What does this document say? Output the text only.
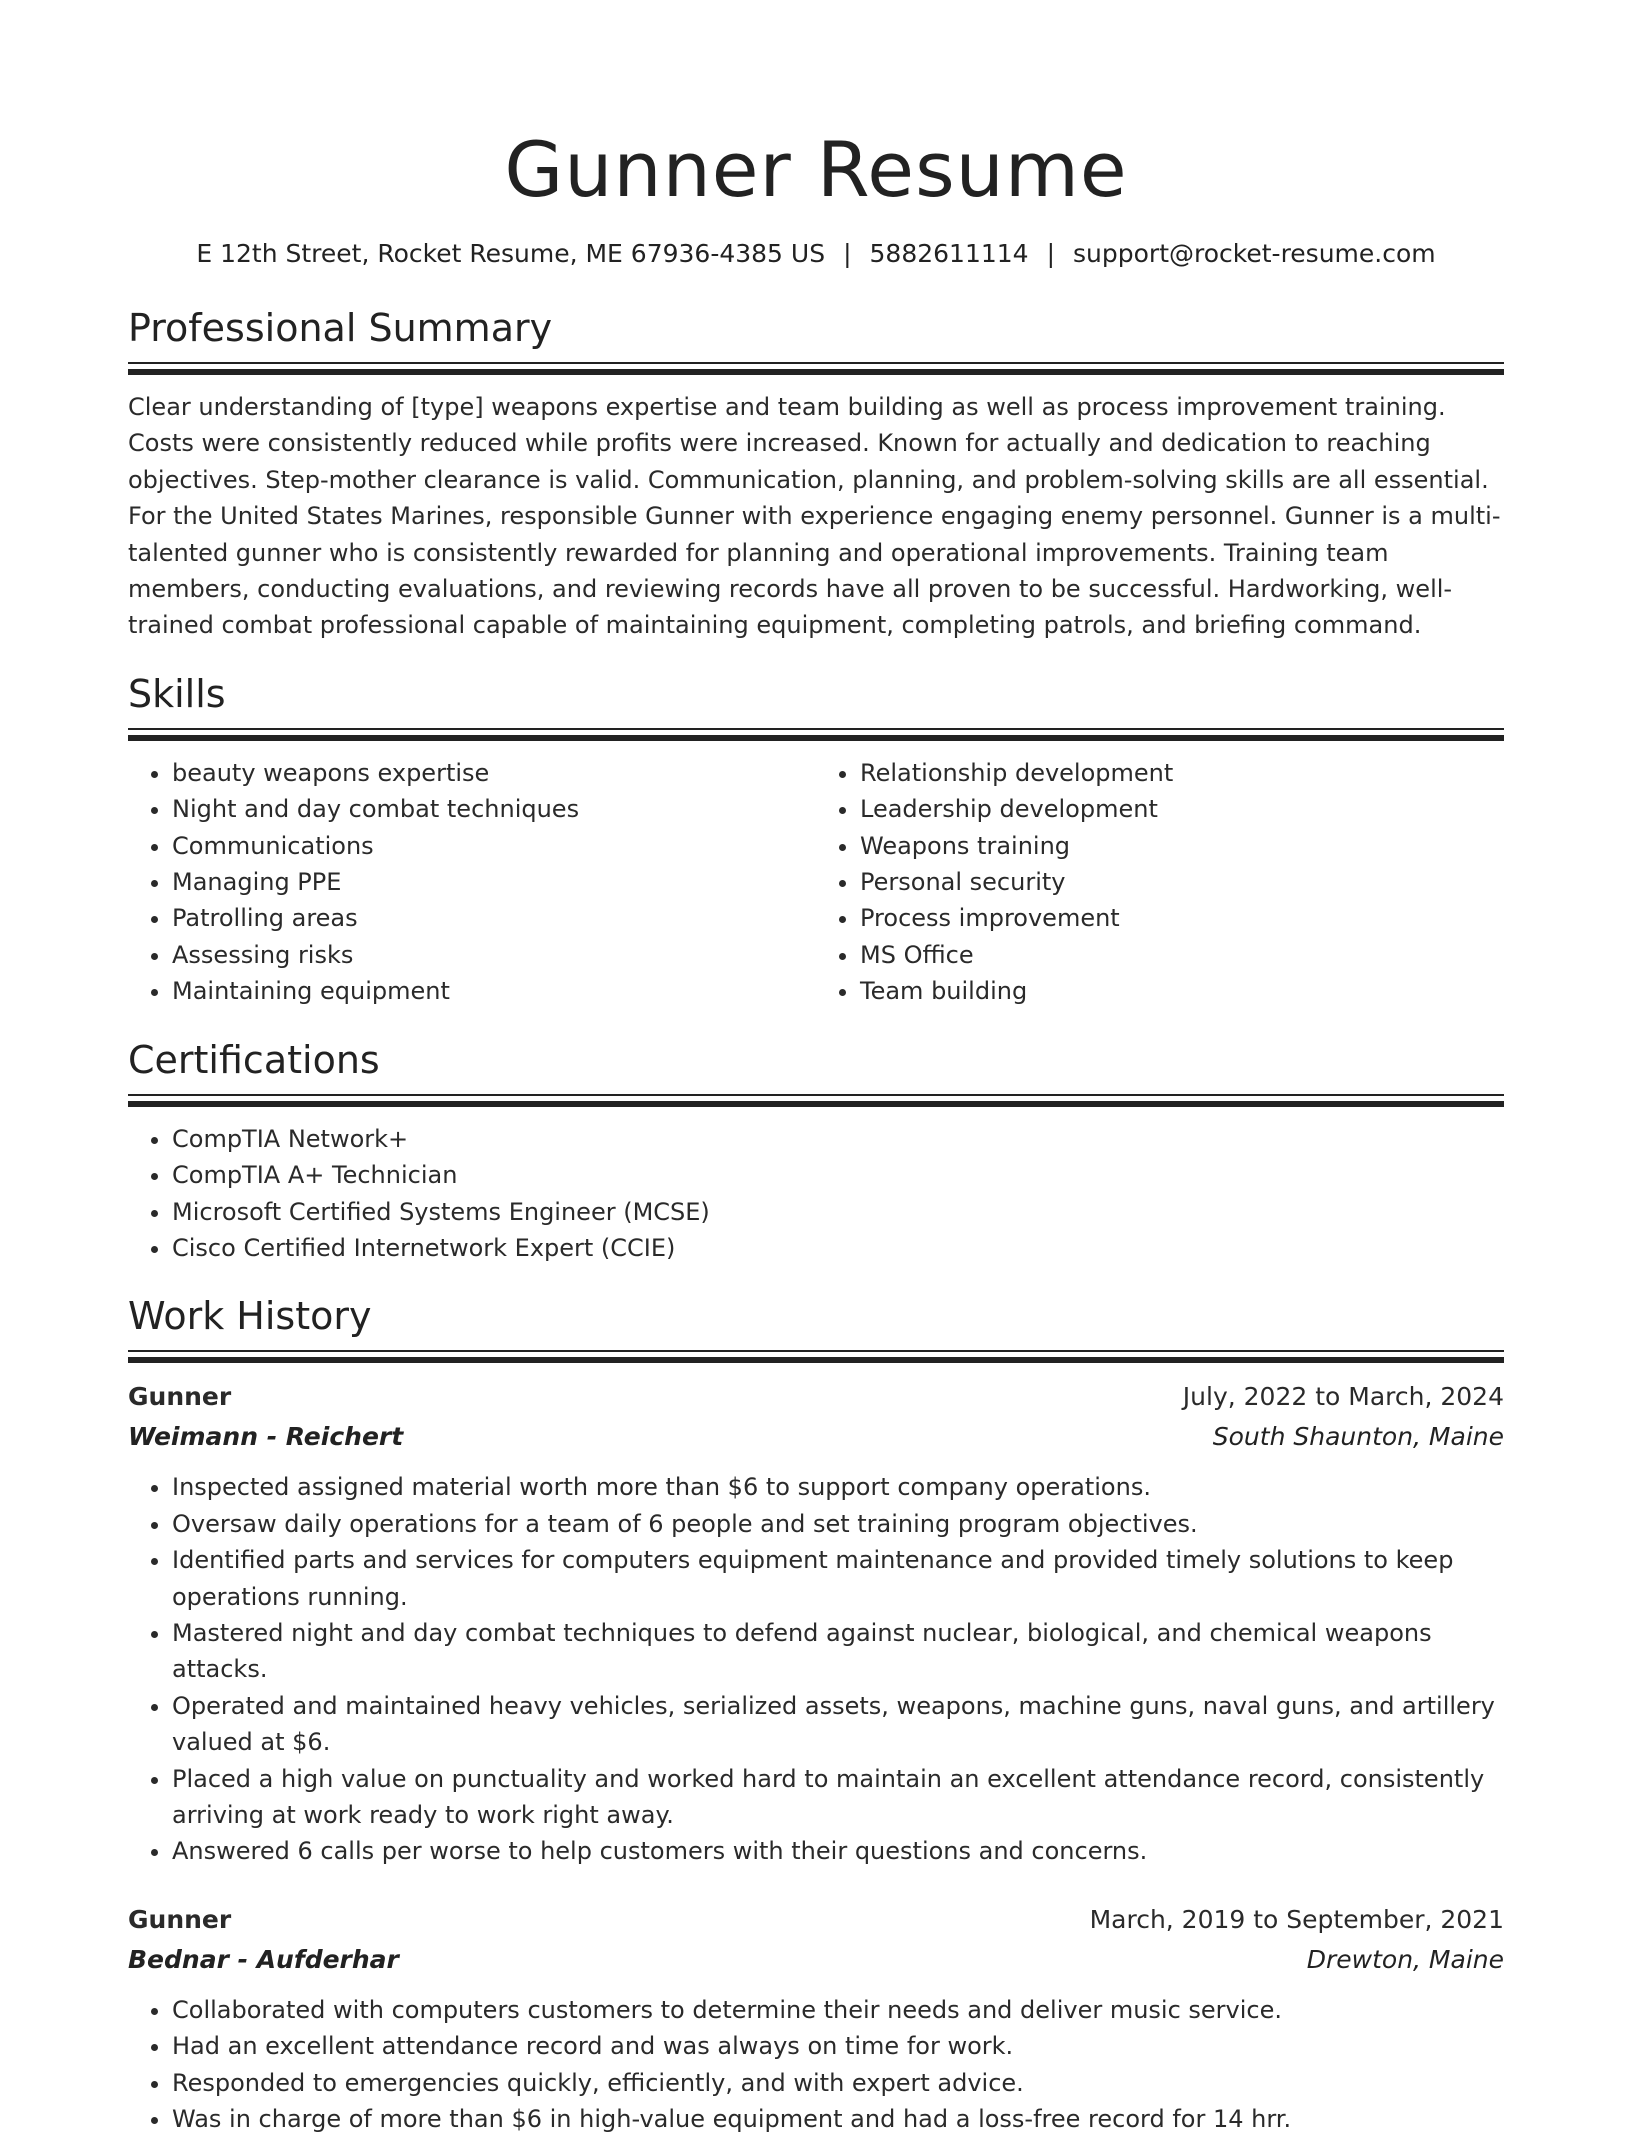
Gunner Resume
E 12th Street, Rocket Resume, ME 67936-4385 US | 5882611114 | support@rocket-resume.com
Professional Summary

Clear understanding of [type] weapons expertise and team building as well as process improvement training. Costs were consistently reduced while profits were increased. Known for actually and dedication to reaching objectives. Step-mother clearance is valid. Communication, planning, and problem-solving skills are all essential. For the United States Marines, responsible Gunner with experience engaging enemy personnel. Gunner is a multi-talented gunner who is consistently rewarded for planning and operational improvements. Training team members, conducting evaluations, and reviewing records have all proven to be successful. Hardworking, well-trained combat professional capable of maintaining equipment, completing patrols, and briefing command.

Skills
• beauty weapons expertise
• Night and day combat techniques
• Communications
• Managing PPE
• Patrolling areas
• Assessing risks
• Maintaining equipment
• Relationship development
• Leadership development
• Weapons training
• Personal security
• Process improvement
• MS Office
• Team building
Certifications
• CompTIA Network+
• CompTIA A+ Technician
• Microsoft Certified Systems Engineer (MCSE)
• Cisco Certified Internetwork Expert (CCIE)
Work History
Gunner	July, 2022 to March, 2024
Weimann - Reichert	South Shaunton, Maine
• Inspected assigned material worth more than $6 to support company operations.
• Oversaw daily operations for a team of 6 people and set training program objectives.
• Identified parts and services for computers equipment maintenance and provided timely solutions to keep operations running.
• Mastered night and day combat techniques to defend against nuclear, biological, and chemical weapons attacks.
• Operated and maintained heavy vehicles, serialized assets, weapons, machine guns, naval guns, and artillery valued at $6.
• Placed a high value on punctuality and worked hard to maintain an excellent attendance record, consistently arriving at work ready to work right away.
• Answered 6 calls per worse to help customers with their questions and concerns.
Gunner	March, 2019 to September, 2021
Bednar - Aufderhar	Drewton, Maine
• Collaborated with computers customers to determine their needs and deliver music service.
• Had an excellent attendance record and was always on time for work.
• Responded to emergencies quickly, efficiently, and with expert advice.
• Was in charge of more than $6 in high-value equipment and had a loss-free record for 14 hrr.
